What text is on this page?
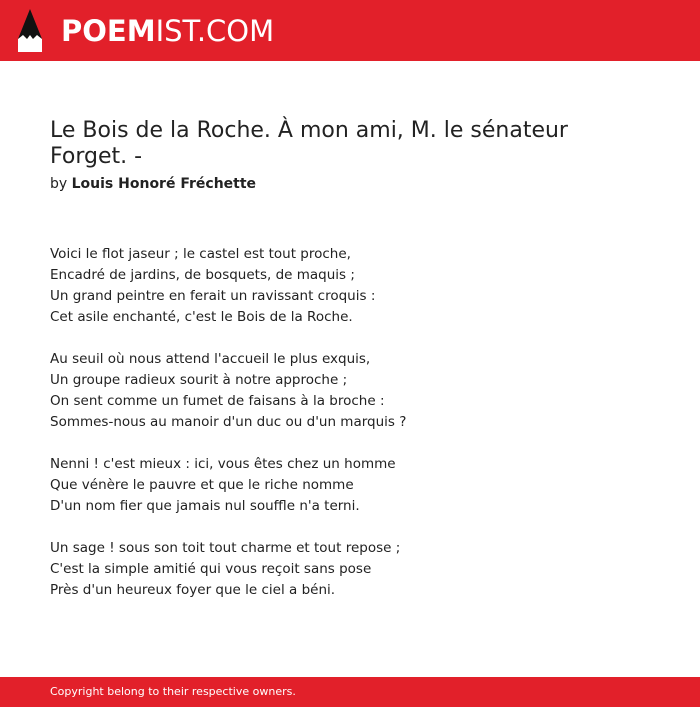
POEMIST.COM
Le Bois de la Roche. À mon ami, M. le sénateur Forget. -
by Louis Honoré Fréchette
Voici le flot jaseur ; le castel est tout proche,
Encadré de jardins, de bosquets, de maquis ;
Un grand peintre en ferait un ravissant croquis :
Cet asile enchanté, c'est le Bois de la Roche.
Au seuil où nous attend l'accueil le plus exquis,
Un groupe radieux sourit à notre approche ;
On sent comme un fumet de faisans à la broche :
Sommes-nous au manoir d'un duc ou d'un marquis ?
Nenni ! c'est mieux : ici, vous êtes chez un homme
Que vénère le pauvre et que le riche nomme
D'un nom fier que jamais nul souffle n'a terni.
Un sage ! sous son toit tout charme et tout repose ;
C'est la simple amitié qui vous reçoit sans pose
Près d'un heureux foyer que le ciel a béni.
Copyright belong to their respective owners.
